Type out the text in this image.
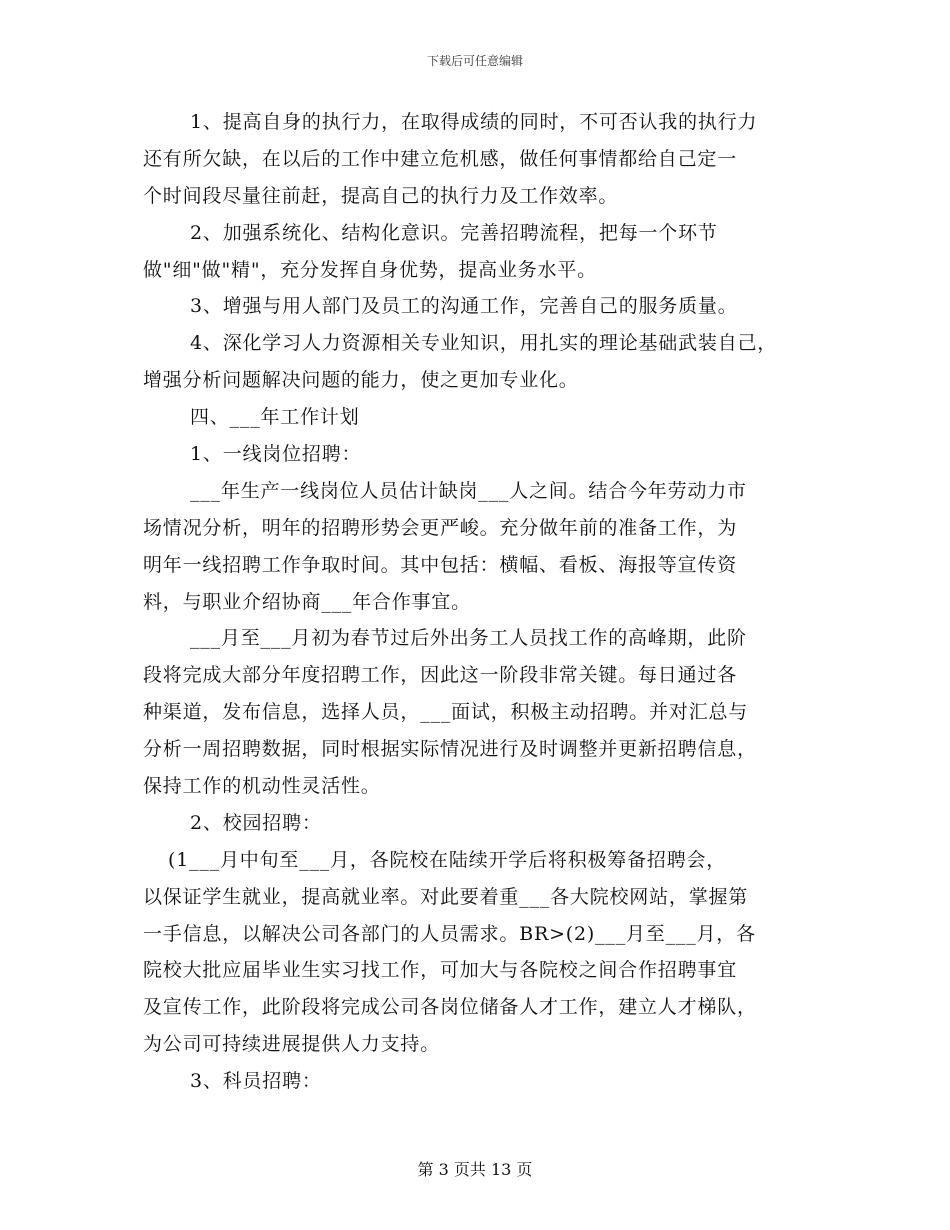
下载后可任意编辑
1、提高自身的执行力，在取得成绩的同时，不可否认我的执行力
还有所欠缺，在以后的工作中建立危机感，做任何事情都给自己定一
个时间段尽量往前赶，提高自己的执行力及工作效率。
2、加强系统化、结构化意识。完善招聘流程，把每一个环节
做"细"做"精"，充分发挥自身优势，提高业务水平。
3、增强与用人部门及员工的沟通工作，完善自己的服务质量。
4、深化学习人力资源相关专业知识，用扎实的理论基础武装自己，
增强分析问题解决问题的能力，使之更加专业化。
四、___年工作计划
1、一线岗位招聘：
___年生产一线岗位人员估计缺岗___人之间。结合今年劳动力市
场情况分析，明年的招聘形势会更严峻。充分做年前的准备工作，为
明年一线招聘工作争取时间。其中包括：横幅、看板、海报等宣传资
料，与职业介绍协商___年合作事宜。
___月至___月初为春节过后外出务工人员找工作的高峰期，此阶
段将完成大部分年度招聘工作，因此这一阶段非常关键。每日通过各
种渠道，发布信息，选择人员，___面试，积极主动招聘。并对汇总与
分析一周招聘数据，同时根据实际情况进行及时调整并更新招聘信息，
保持工作的机动性灵活性。
2、校园招聘：
(1___月中旬至___月，各院校在陆续开学后将积极筹备招聘会，
以保证学生就业，提高就业率。对此要着重___各大院校网站，掌握第
一手信息，以解决公司各部门的人员需求。BR>(2)___月至___月，各
院校大批应届毕业生实习找工作，可加大与各院校之间合作招聘事宜
及宣传工作，此阶段将完成公司各岗位储备人才工作，建立人才梯队，
为公司可持续进展提供人力支持。
3、科员招聘：
第 3 页共 13 页
